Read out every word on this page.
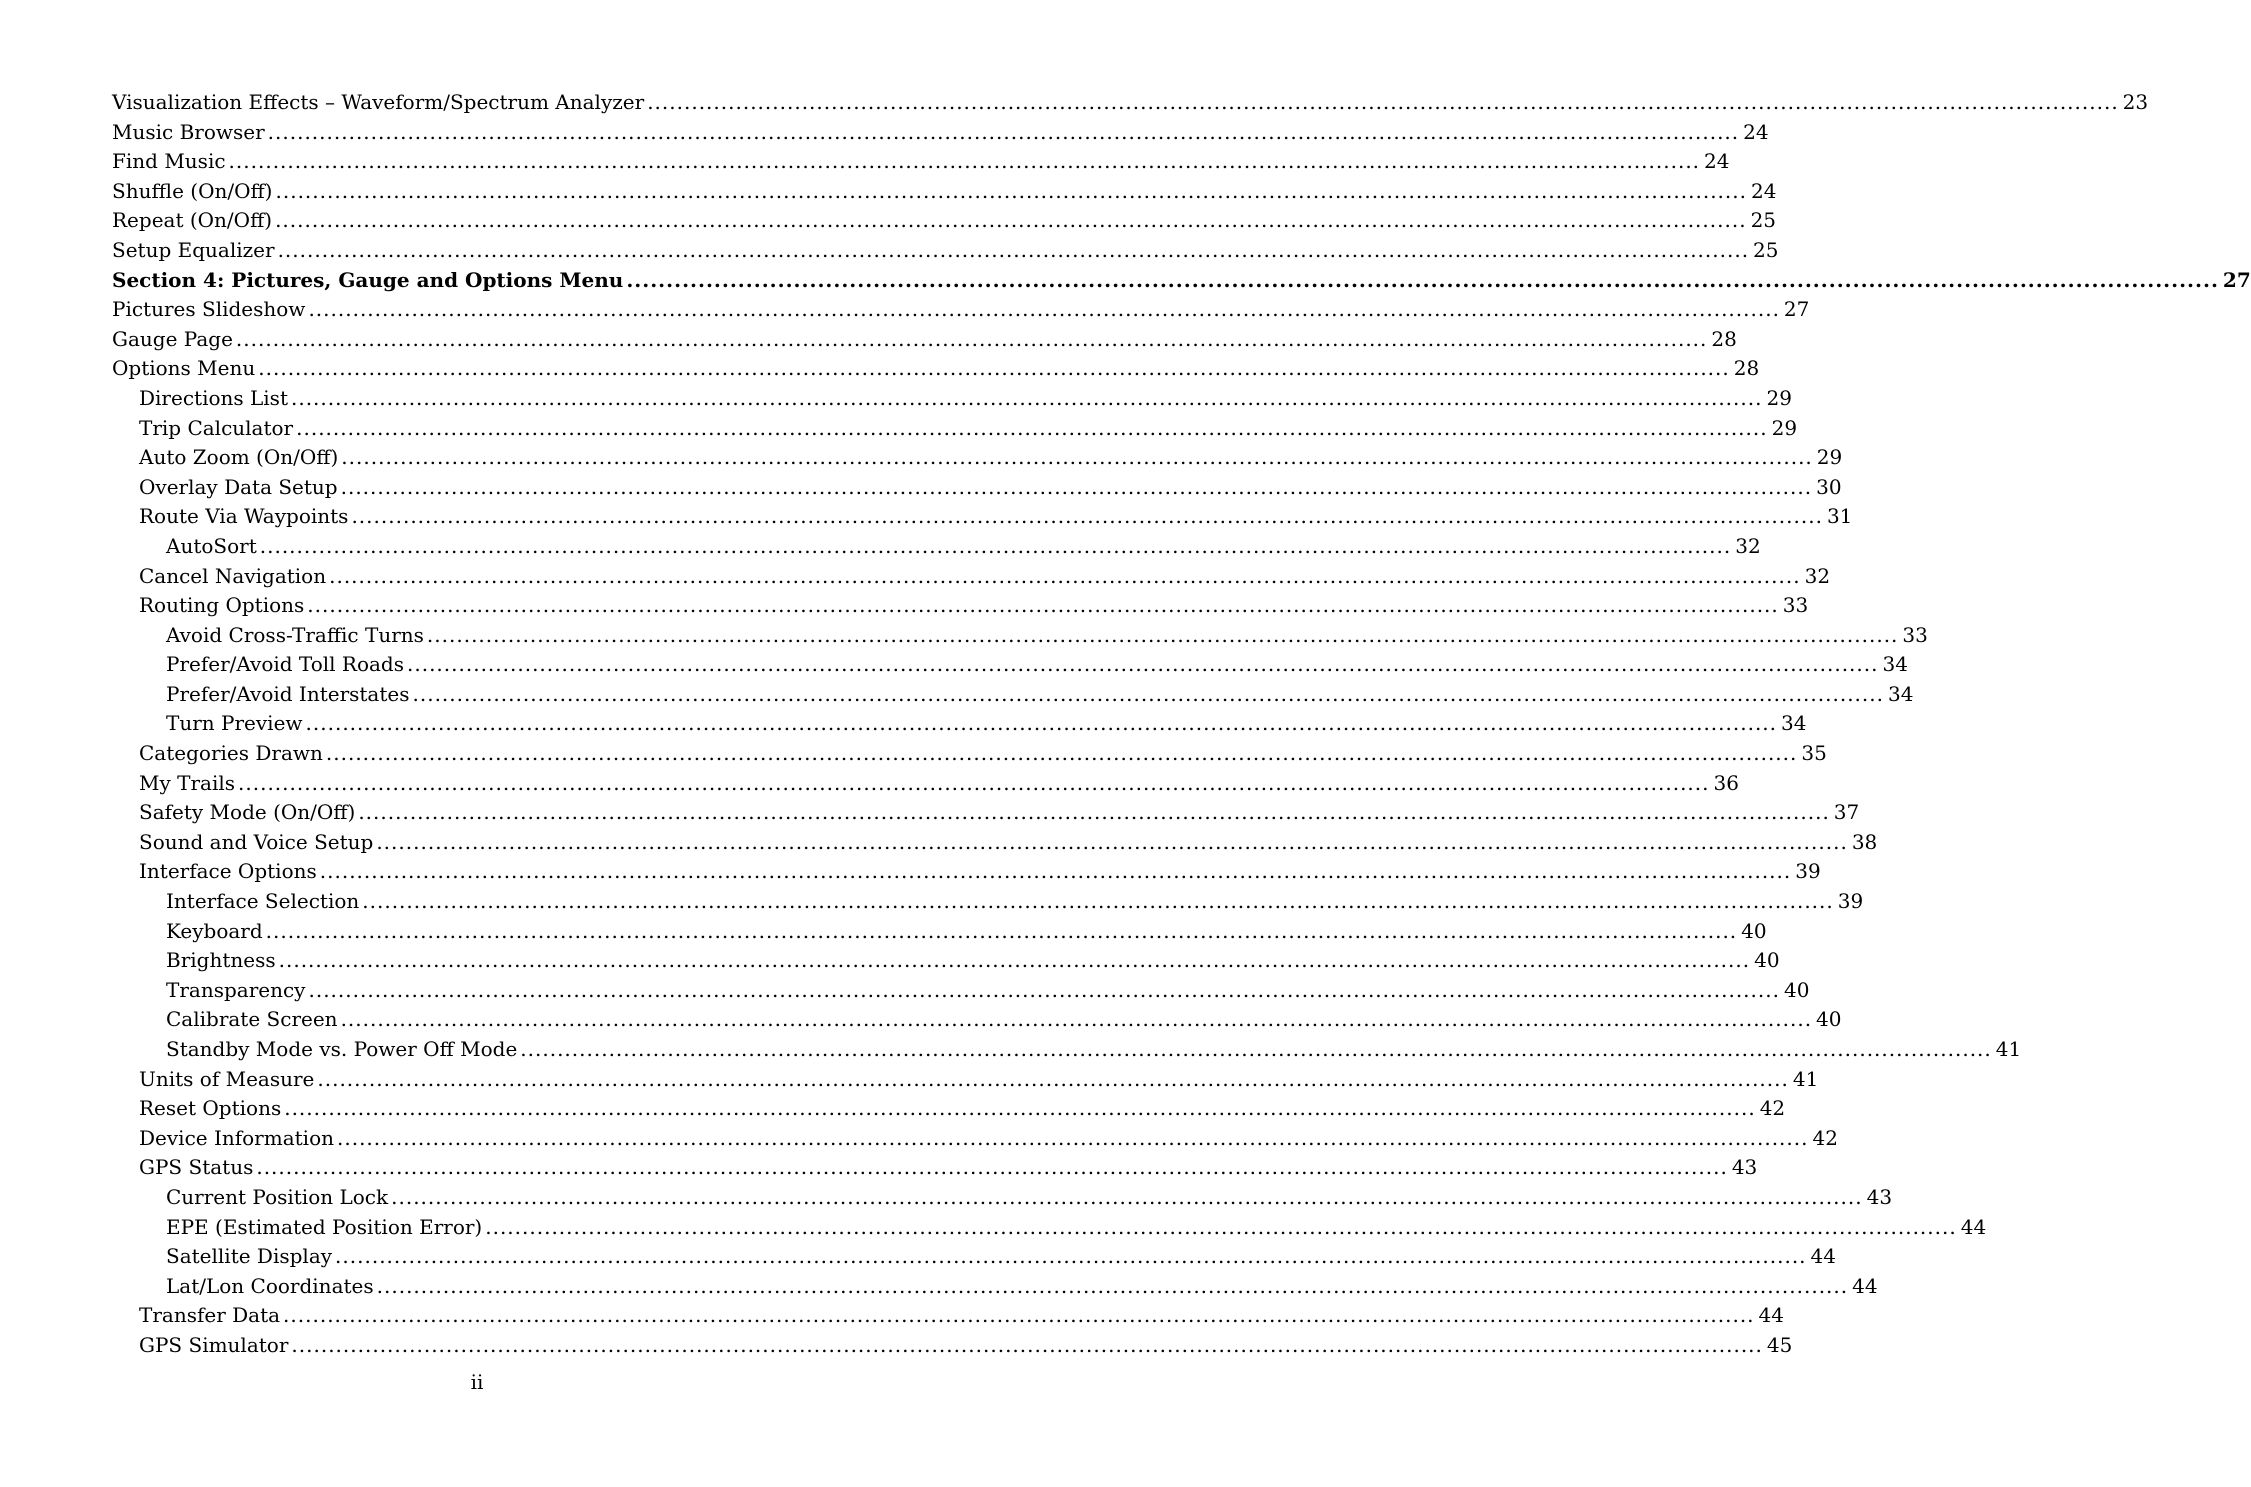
Visualization Effects – Waveform/Spectrum Analyzer ........................................................................................................................................................................................................ 23
Music Browser ........................................................................................................................................................................................................ 24
Find Music ........................................................................................................................................................................................................ 24
Shuffle (On/Off) ........................................................................................................................................................................................................ 24
Repeat (On/Off) ........................................................................................................................................................................................................ 25
Setup Equalizer ........................................................................................................................................................................................................ 25
Section 4: Pictures, Gauge and Options Menu ........................................................................................................................................................................................................ 27
Pictures Slideshow ........................................................................................................................................................................................................ 27
Gauge Page ........................................................................................................................................................................................................ 28
Options Menu ........................................................................................................................................................................................................ 28
Directions List ........................................................................................................................................................................................................ 29
Trip Calculator ........................................................................................................................................................................................................ 29
Auto Zoom (On/Off) ........................................................................................................................................................................................................ 29
Overlay Data Setup ........................................................................................................................................................................................................ 30
Route Via Waypoints ........................................................................................................................................................................................................ 31
AutoSort ........................................................................................................................................................................................................ 32
Cancel Navigation ........................................................................................................................................................................................................ 32
Routing Options ........................................................................................................................................................................................................ 33
Avoid Cross-Traffic Turns ........................................................................................................................................................................................................ 33
Prefer/Avoid Toll Roads ........................................................................................................................................................................................................ 34
Prefer/Avoid Interstates ........................................................................................................................................................................................................ 34
Turn Preview ........................................................................................................................................................................................................ 34
Categories Drawn ........................................................................................................................................................................................................ 35
My Trails ........................................................................................................................................................................................................ 36
Safety Mode (On/Off) ........................................................................................................................................................................................................ 37
Sound and Voice Setup ........................................................................................................................................................................................................ 38
Interface Options ........................................................................................................................................................................................................ 39
Interface Selection ........................................................................................................................................................................................................ 39
Keyboard ........................................................................................................................................................................................................ 40
Brightness ........................................................................................................................................................................................................ 40
Transparency ........................................................................................................................................................................................................ 40
Calibrate Screen ........................................................................................................................................................................................................ 40
Standby Mode vs. Power Off Mode ........................................................................................................................................................................................................ 41
Units of Measure ........................................................................................................................................................................................................ 41
Reset Options ........................................................................................................................................................................................................ 42
Device Information ........................................................................................................................................................................................................ 42
GPS Status ........................................................................................................................................................................................................ 43
Current Position Lock ........................................................................................................................................................................................................ 43
EPE (Estimated Position Error) ........................................................................................................................................................................................................ 44
Satellite Display ........................................................................................................................................................................................................ 44
Lat/Lon Coordinates ........................................................................................................................................................................................................ 44
Transfer Data ........................................................................................................................................................................................................ 44
GPS Simulator ........................................................................................................................................................................................................ 45
ii
